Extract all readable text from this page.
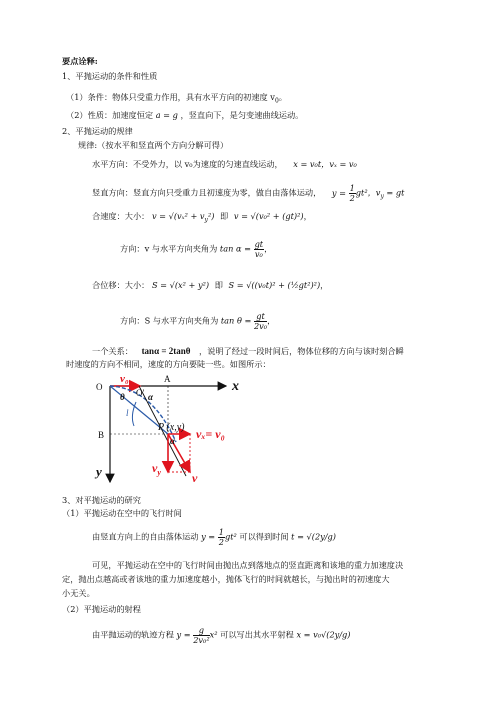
要点诠释:
1、平抛运动的条件和性质
（1）条件：物体只受重力作用，具有水平方向的初速度 $v_0$。
（2）性质：加速度恒定 a = g ，竖直向下，是匀变速曲线运动。
2、平抛运动的规律
规律:（按水平和竖直两个方向分解可得）
水平方向：不受外力，以 v₀为速度的匀速直线运动， x = v₀t，vₓ = v₀
竖直方向：竖直方向只受重力且初速度为零，做自由落体运动， $y = \frac{1}{2} gt^2$，$v_y$ = gt
合速度：大小： $v = √(v_x^2 + v_y^2)$ 即 v = √(v₀² + (gt)²)，
方向：v 与水平方向夹角为 $\tan \alpha = \frac{gt}{\text{v₀}}$ ，
合位移：大小： S = √(x² + y²) 即 S = √((v₀t)² + (½gt²)²)，
方向：S 与水平方向夹角为 $\tan \theta = \frac{gt}{\text{2v₀}}$ ，
一个关系： tanα = 2tanθ ，说明了经过一段时间后，物体位移的方向与该时刻合瞬
时速度的方向不相同，速度的方向要陡一些。如图所示：
v₀
O
O′
A	x
θ	α
l
B
P (x,y)
α vₓ= v₀
y	$v_y$	v
3、对平抛运动的研究
（1）平抛运动在空中的飞行时间
由竖直方向上的自由落体运动 $y = \frac{1}{2} gt^2$ 可以得到时间 t = √(2y/g)
可见，平抛运动在空中的飞行时间由抛出点到落地点的竖直距离和该地的重力加速度决
定，抛出点越高或者该地的重力加速度越小，抛体飞行的时间就越长，与抛出时的初速度大
小无关。
（2）平抛运动的射程
由平抛运动的轨迹方程 $y = \frac{g}{\text{2v₀²}} x^2$ 可以写出其水平射程 x = v₀√(2y/g)
